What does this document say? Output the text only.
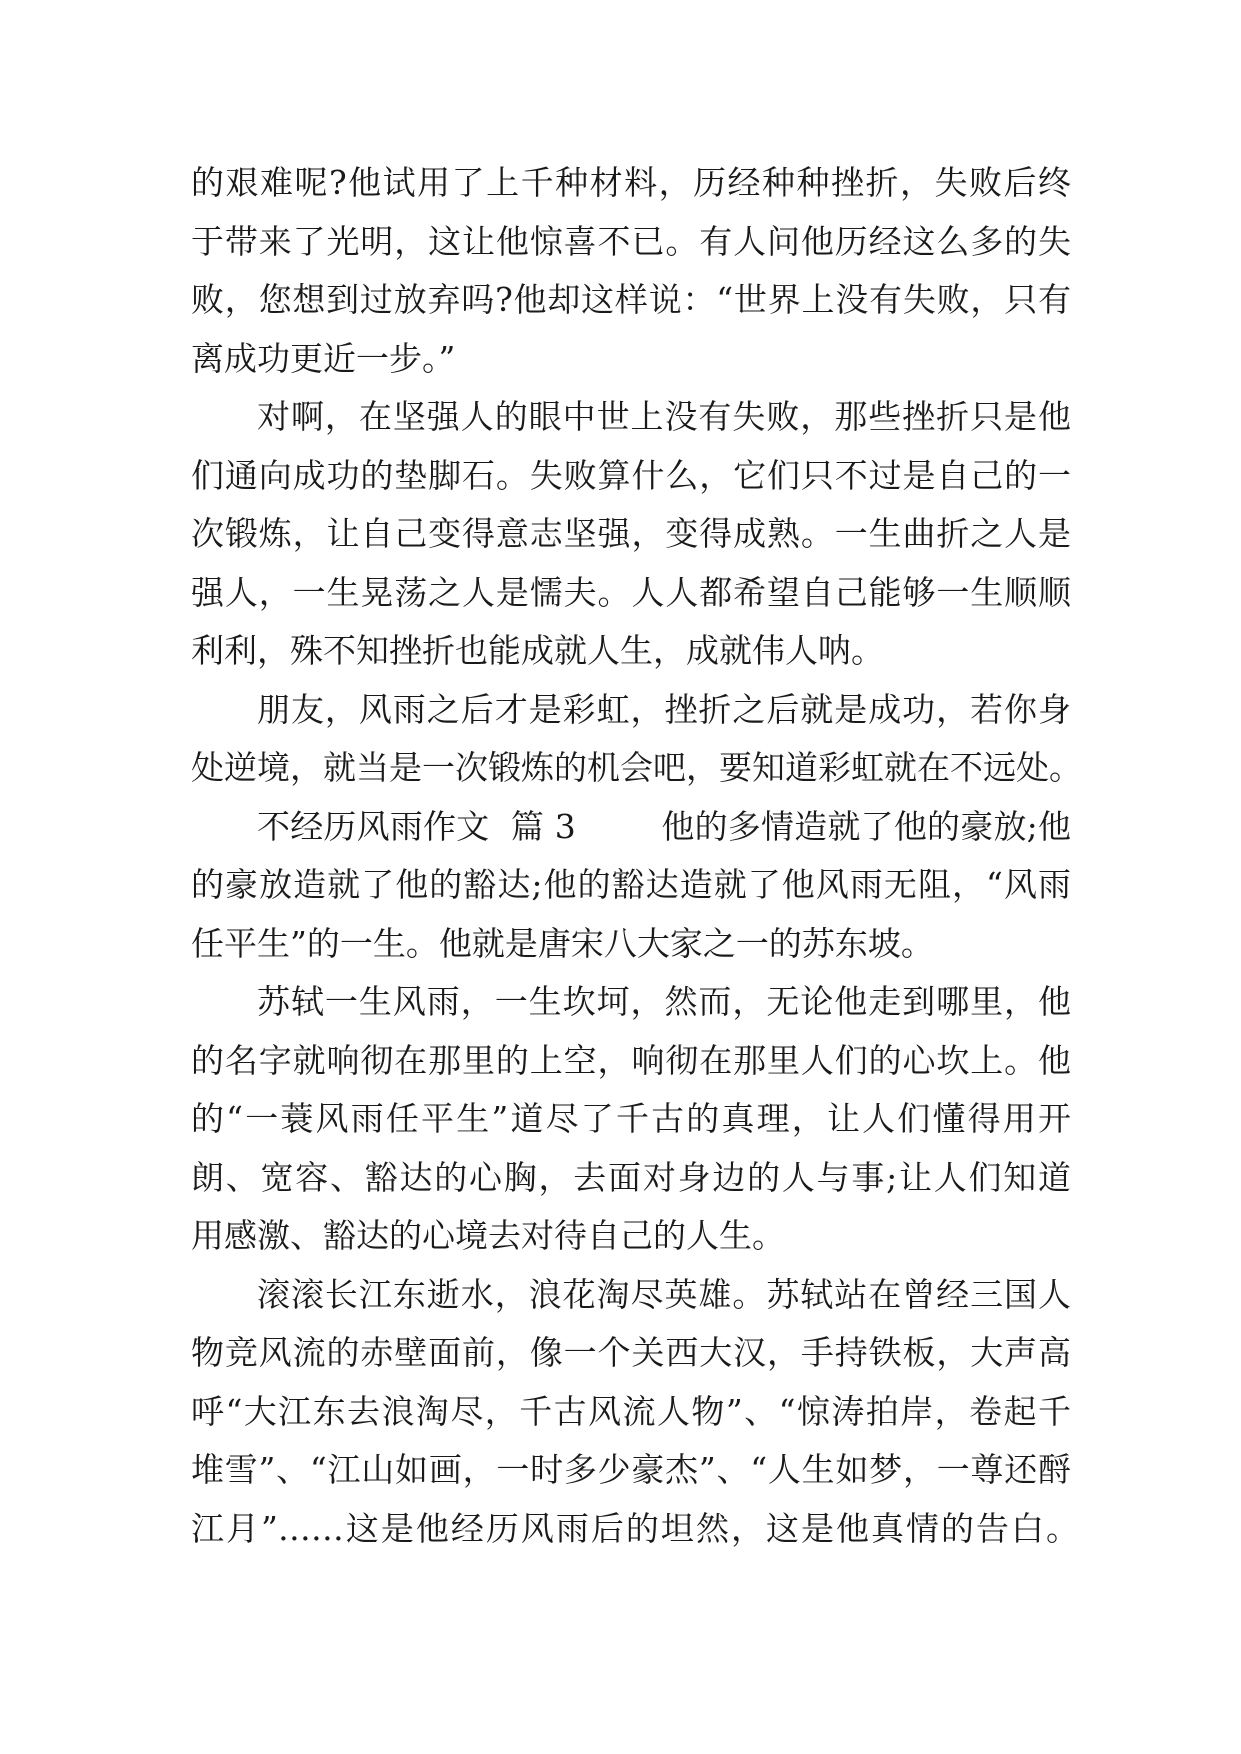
的艰难呢?他试用了上千种材料，历经种种挫折，失败后终
于带来了光明，这让他惊喜不已。有人问他历经这么多的失
败，您想到过放弃吗?他却这样说：“世界上没有失败，只有
离成功更近一步。”
对啊，在坚强人的眼中世上没有失败，那些挫折只是他
们通向成功的垫脚石。失败算什么，它们只不过是自己的一
次锻炼，让自己变得意志坚强，变得成熟。一生曲折之人是
强人，一生晃荡之人是懦夫。人人都希望自己能够一生顺顺
利利，殊不知挫折也能成就人生，成就伟人呐。
朋友，风雨之后才是彩虹，挫折之后就是成功，若你身
处逆境，就当是一次锻炼的机会吧，要知道彩虹就在不远处。
不经历风雨作文  篇 3        他的多情造就了他的豪放;他
的豪放造就了他的豁达;他的豁达造就了他风雨无阻，“风雨
任平生”的一生。他就是唐宋八大家之一的苏东坡。
苏轼一生风雨，一生坎坷，然而，无论他走到哪里，他
的名字就响彻在那里的上空，响彻在那里人们的心坎上。他
的“一蓑风雨任平生”道尽了千古的真理，让人们懂得用开
朗、宽容、豁达的心胸，去面对身边的人与事;让人们知道
用感激、豁达的心境去对待自己的人生。
滚滚长江东逝水，浪花淘尽英雄。苏轼站在曾经三国人
物竞风流的赤壁面前，像一个关西大汉，手持铁板，大声高
呼“大江东去浪淘尽，千古风流人物”、“惊涛拍岸，卷起千
堆雪”、“江山如画，一时多少豪杰”、“人生如梦，一尊还酹
江月”……这是他经历风雨后的坦然，这是他真情的告白。
